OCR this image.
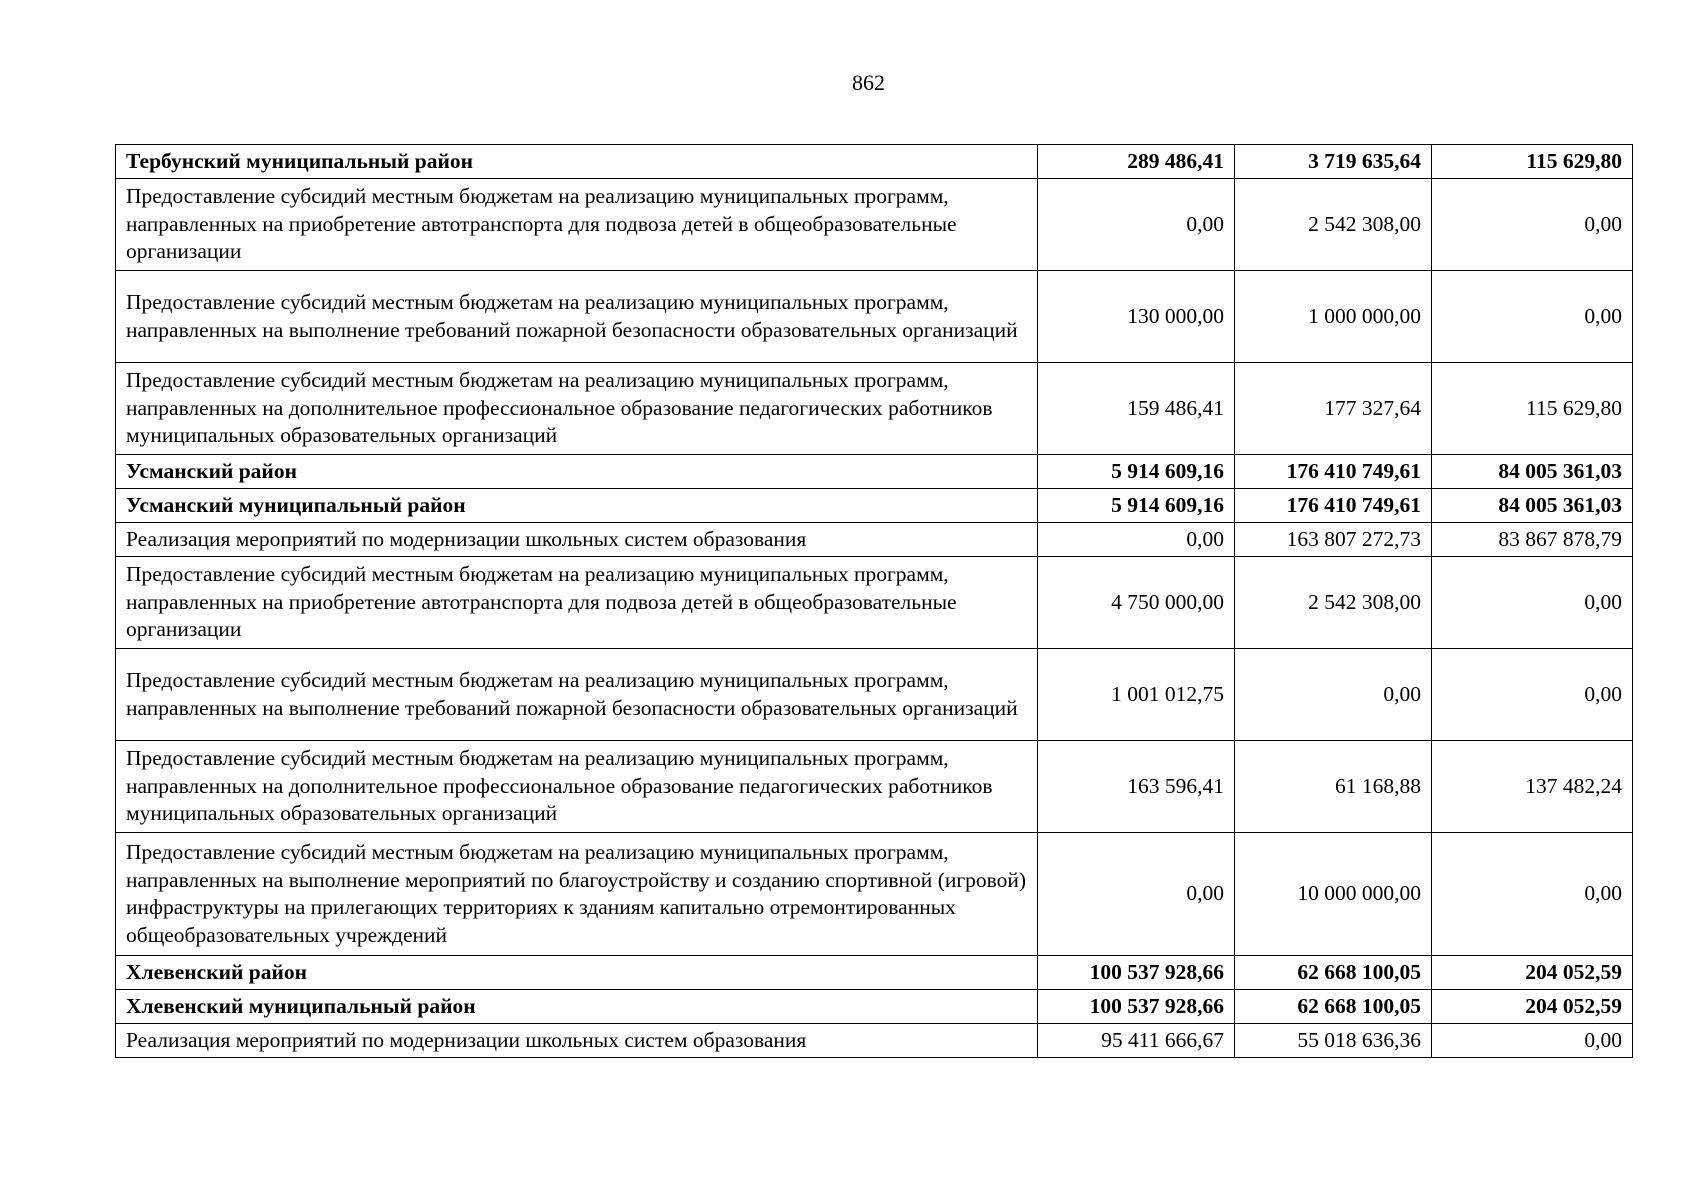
862
Тербунский муниципальный район	289 486,41	3 719 635,64	115 629,80
Предоставление субсидий местным бюджетам на реализацию муниципальных программ, направленных на приобретение автотранспорта для подвоза детей в общеобразовательные организации	0,00	2 542 308,00	0,00
Предоставление субсидий местным бюджетам на реализацию муниципальных программ, направленных на выполнение требований пожарной безопасности образовательных организаций	130 000,00	1 000 000,00	0,00
Предоставление субсидий местным бюджетам на реализацию муниципальных программ, направленных на дополнительное профессиональное образование педагогических работников муниципальных образовательных организаций	159 486,41	177 327,64	115 629,80
Усманский район	5 914 609,16	176 410 749,61	84 005 361,03
Усманский муниципальный район	5 914 609,16	176 410 749,61	84 005 361,03
Реализация мероприятий по модернизации школьных систем образования	0,00	163 807 272,73	83 867 878,79
Предоставление субсидий местным бюджетам на реализацию муниципальных программ, направленных на приобретение автотранспорта для подвоза детей в общеобразовательные организации	4 750 000,00	2 542 308,00	0,00
Предоставление субсидий местным бюджетам на реализацию муниципальных программ, направленных на выполнение требований пожарной безопасности образовательных организаций	1 001 012,75	0,00	0,00
Предоставление субсидий местным бюджетам на реализацию муниципальных программ, направленных на дополнительное профессиональное образование педагогических работников муниципальных образовательных организаций	163 596,41	61 168,88	137 482,24
Предоставление субсидий местным бюджетам на реализацию муниципальных программ, направленных на выполнение мероприятий по благоустройству и созданию спортивной (игровой) инфраструктуры на прилегающих территориях к зданиям капитально отремонтированных общеобразовательных учреждений	0,00	10 000 000,00	0,00
Хлевенский район	100 537 928,66	62 668 100,05	204 052,59
Хлевенский муниципальный район	100 537 928,66	62 668 100,05	204 052,59
Реализация мероприятий по модернизации школьных систем образования	95 411 666,67	55 018 636,36	0,00
